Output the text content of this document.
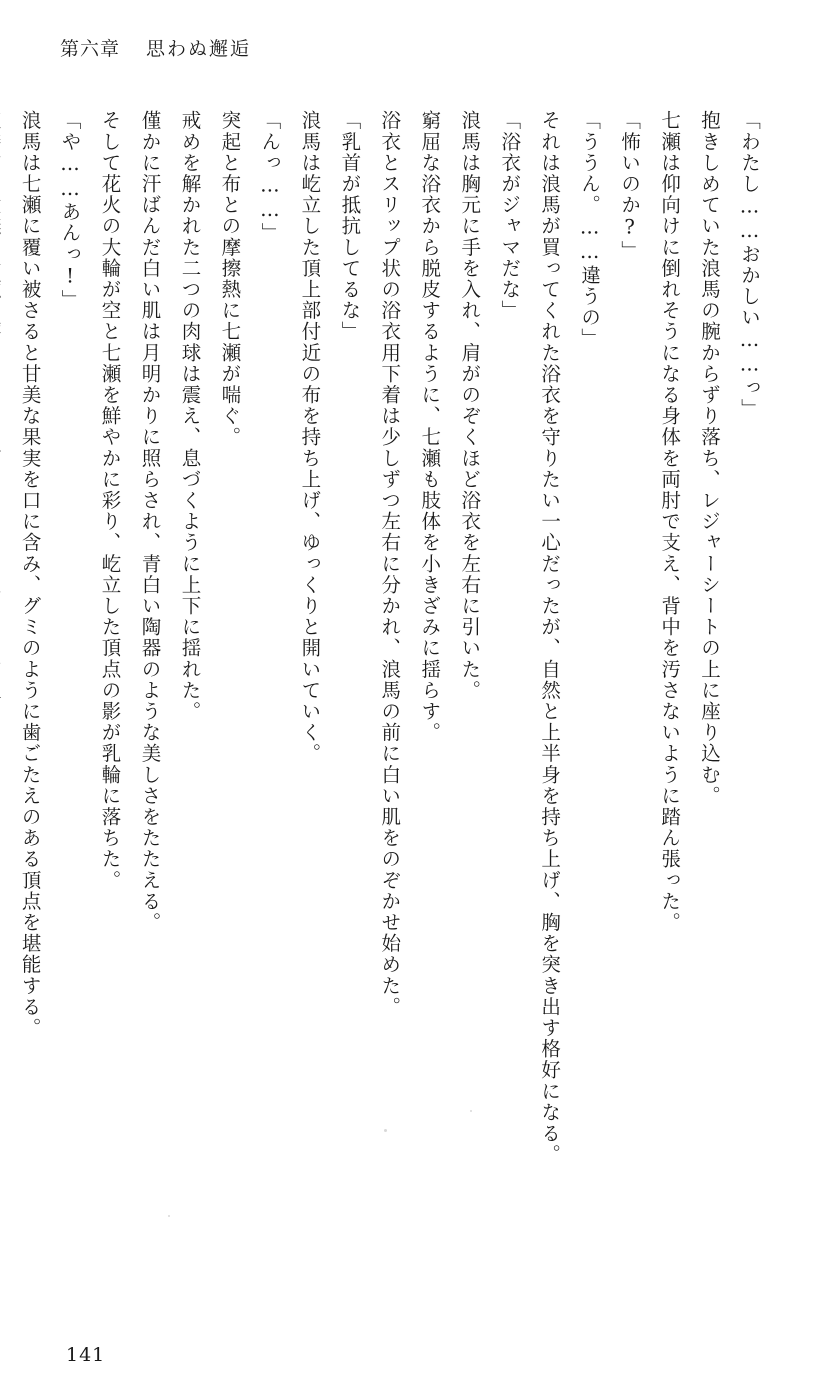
第六章 思わぬ邂逅

「わたし……おかしい……っ」

抱きしめていた浪馬の腕からずり落ち、レジャーシートの上に座り込む。

七瀬は仰向けに倒れそうになる身体を両肘で支え、背中を汚さないように踏ん張った。

「怖いのか?」

「ううん。……違うの」

それは浪馬が買ってくれた浴衣を守りたい一心だったが、自然と上半身を持ち上げ、胸を突き出す格好になる。

「浴衣がジャマだな」

浪馬は胸元に手を入れ、肩がのぞくほど浴衣を左右に引いた。

窮屈な浴衣から脱皮するように、七瀬も肢体を小きざみに揺らす。

浴衣とスリップ状の浴衣用下着は少しずつ左右に分かれ、浪馬の前に白い肌をのぞかせ始めた。

「乳首が抵抗してるな」

浪馬は屹立した頂上部付近の布を持ち上げ、ゆっくりと開いていく。

「んっ……」

突起と布との摩擦熱に七瀬が喘ぐ。

戒めを解かれた二つの肉球は震え、息づくように上下に揺れた。

僅かに汗ばんだ白い肌は月明かりに照らされ、青白い陶器のような美しさをたたえる。

そして花火の大輪が空と七瀬を鮮やかに彩り、屹立した頂点の影が乳輪に落ちた。

「や……あんっ!」

浪馬は七瀬に覆い被さると甘美な果実を口に含み、グミのように歯ごたえのある頂点を堪能する。

141
